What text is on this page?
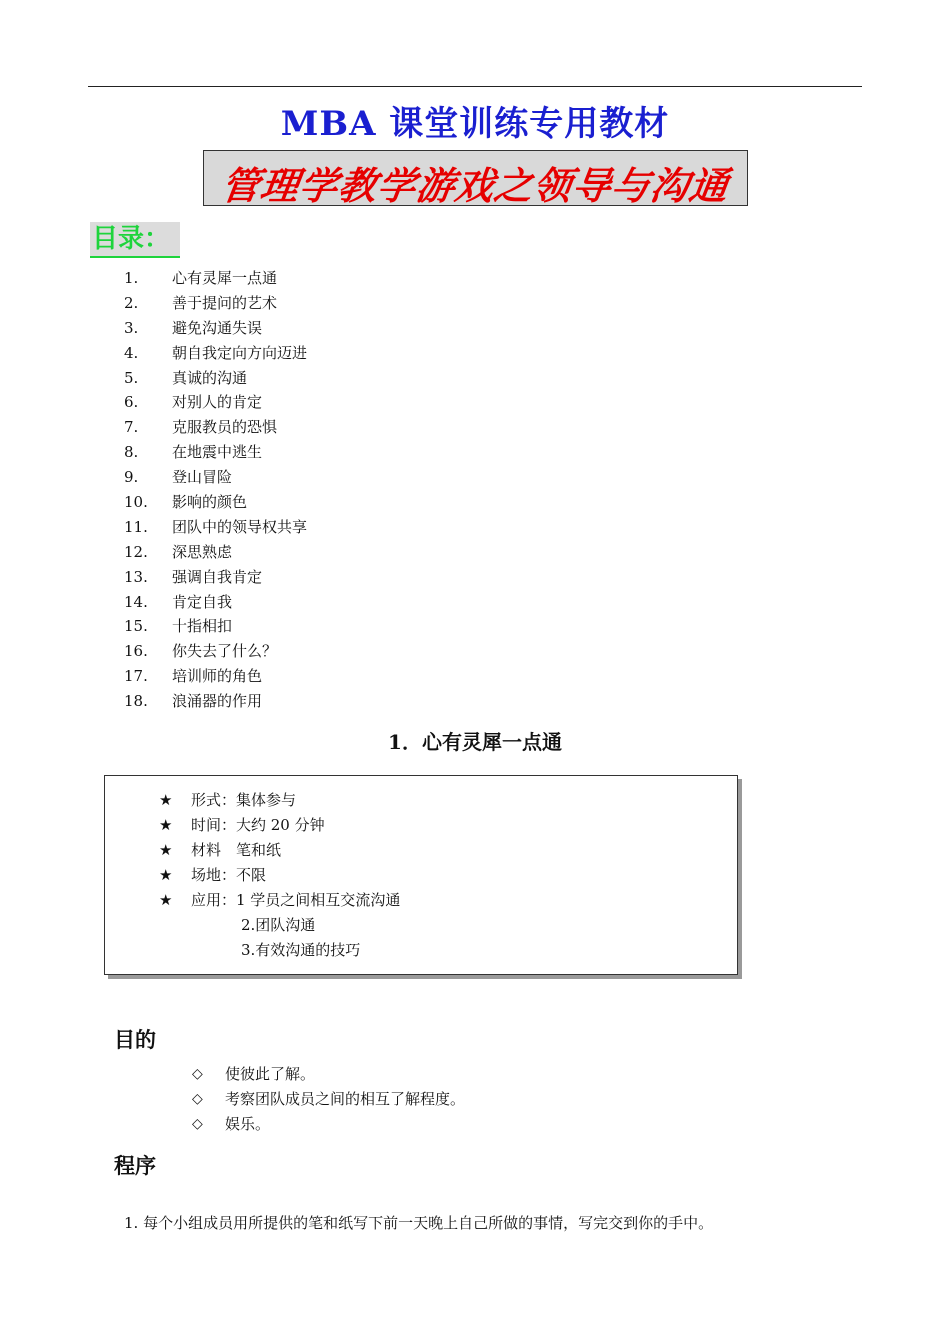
MBA 课堂训练专用教材
管理学教学游戏之领导与沟通
目录：
1.	心有灵犀一点通
2.	善于提问的艺术
3.	避免沟通失误
4.	朝自我定向方向迈进
5.	真诚的沟通
6.	对别人的肯定
7.	克服教员的恐惧
8.	在地震中逃生
9.	登山冒险
10.	影响的颜色
11.	团队中的领导权共享
12.	深思熟虑
13.	强调自我肯定
14.	肯定自我
15.	十指相扣
16.	你失去了什么？
17.	培训师的角色
18.	浪涌器的作用
1．心有灵犀一点通
★ 形式：集体参与
★ 时间：大约 20 分钟
★ 材料　笔和纸
★ 场地：不限
★ 应用：1 学员之间相互交流沟通
2.团队沟通
3.有效沟通的技巧
目的
◇	使彼此了解。
◇	考察团队成员之间的相互了解程度。
◇	娱乐。
程序
1. 每个小组成员用所提供的笔和纸写下前一天晚上自己所做的事情，写完交到你的手中。
